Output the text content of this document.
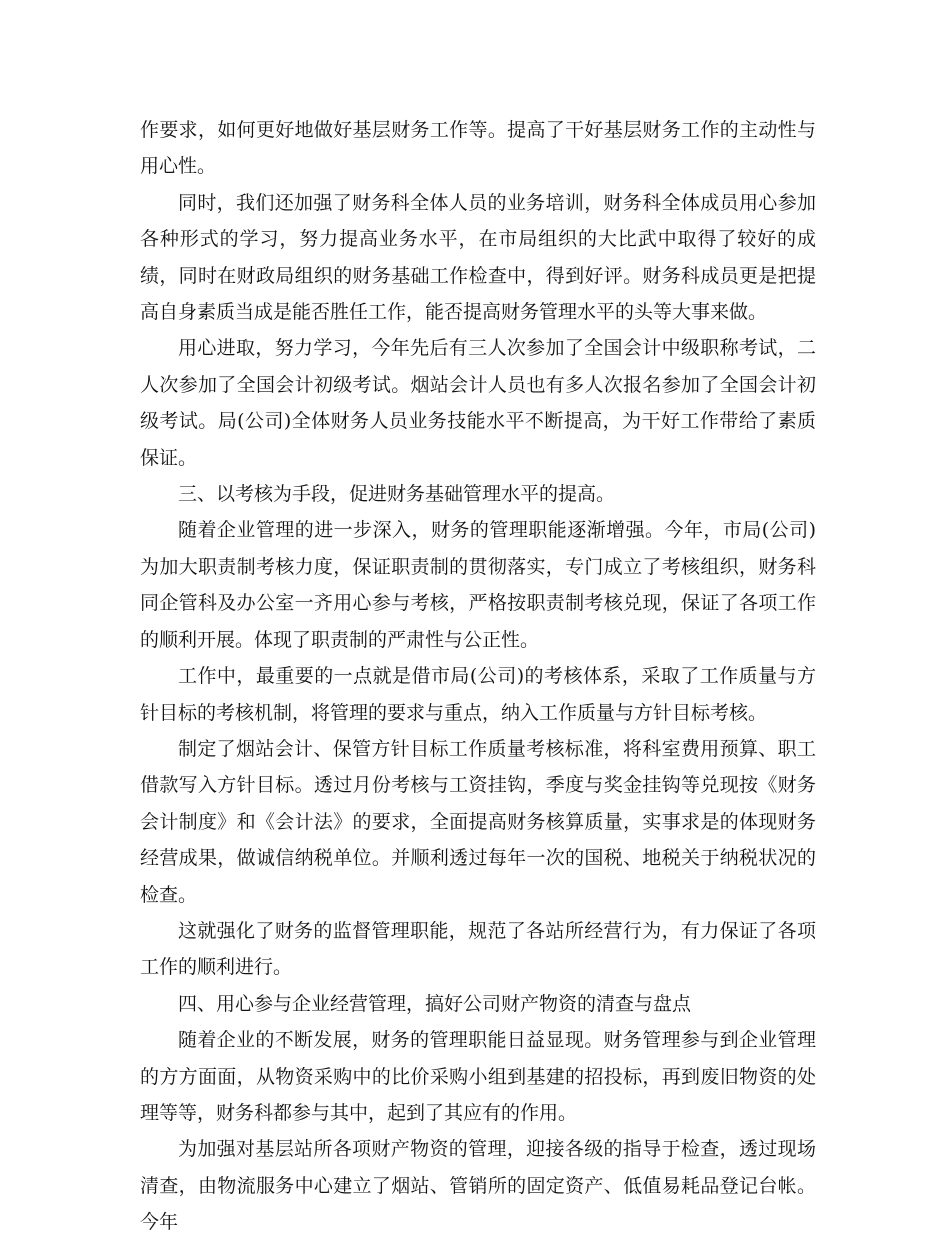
作要求，如何更好地做好基层财务工作等。提高了干好基层财务工作的主动性与用心性。

同时，我们还加强了财务科全体人员的业务培训，财务科全体成员用心参加各种形式的学习，努力提高业务水平，在市局组织的大比武中取得了较好的成绩，同时在财政局组织的财务基础工作检查中，得到好评。财务科成员更是把提高自身素质当成是能否胜任工作，能否提高财务管理水平的头等大事来做。

用心进取，努力学习，今年先后有三人次参加了全国会计中级职称考试，二人次参加了全国会计初级考试。烟站会计人员也有多人次报名参加了全国会计初级考试。局(公司)全体财务人员业务技能水平不断提高，为干好工作带给了素质保证。

三、以考核为手段，促进财务基础管理水平的提高。

随着企业管理的进一步深入，财务的管理职能逐渐增强。今年，市局(公司)为加大职责制考核力度，保证职责制的贯彻落实，专门成立了考核组织，财务科同企管科及办公室一齐用心参与考核，严格按职责制考核兑现，保证了各项工作的顺利开展。体现了职责制的严肃性与公正性。

工作中，最重要的一点就是借市局(公司)的考核体系，采取了工作质量与方针目标的考核机制，将管理的要求与重点，纳入工作质量与方针目标考核。

制定了烟站会计、保管方针目标工作质量考核标准，将科室费用预算、职工借款写入方针目标。透过月份考核与工资挂钩，季度与奖金挂钩等兑现按《财务会计制度》和《会计法》的要求，全面提高财务核算质量，实事求是的体现财务经营成果，做诚信纳税单位。并顺利透过每年一次的国税、地税关于纳税状况的检查。

这就强化了财务的监督管理职能，规范了各站所经营行为，有力保证了各项工作的顺利进行。

四、用心参与企业经营管理，搞好公司财产物资的清查与盘点

随着企业的不断发展，财务的管理职能日益显现。财务管理参与到企业管理的方方面面，从物资采购中的比价采购小组到基建的招投标，再到废旧物资的处理等等，财务科都参与其中，起到了其应有的作用。

为加强对基层站所各项财产物资的管理，迎接各级的指导于检查，透过现场清查，由物流服务中心建立了烟站、管销所的固定资产、低值易耗品登记台帐。今年
